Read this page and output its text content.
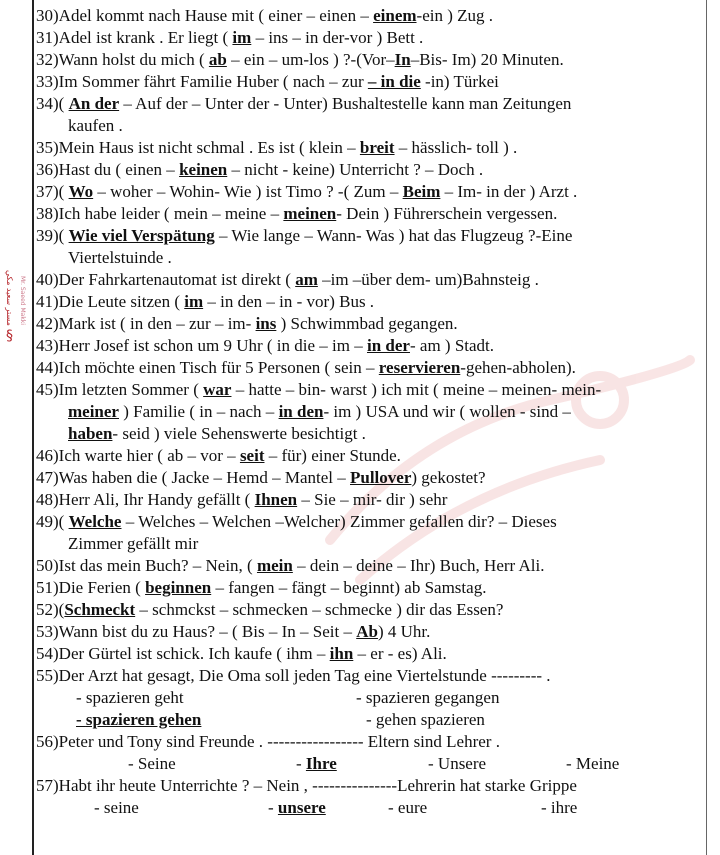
مستر سعيد مكي Mr. Saeed Makki
§
30) Adel kommt nach Hause mit ( einer – einen – einem-ein ) Zug .
31) Adel ist krank . Er liegt ( im – ins – in der-vor ) Bett .
32) Wann holst du mich ( ab – ein – um-los ) ?-(Vor–In–Bis- Im) 20 Minuten.
33) Im Sommer fährt Familie Huber ( nach – zur – in die -in) Türkei
34) ( An der – Auf der – Unter der - Unter) Bushaltestelle kann man Zeitungen
kaufen .
35) Mein Haus ist nicht schmal . Es ist ( klein – breit – hässlich- toll ) .
36) Hast du ( einen – keinen – nicht - keine) Unterricht ? – Doch .
37) ( Wo – woher – Wohin- Wie ) ist Timo ? -( Zum – Beim – Im- in der ) Arzt .
38) Ich habe leider ( mein – meine – meinen- Dein ) Führerschein vergessen.
39) ( Wie viel Verspätung – Wie lange – Wann- Was ) hat das Flugzeug ?-Eine
Viertelstuinde .
40) Der Fahrkartenautomat ist direkt ( am –im –über dem- um)Bahnsteig .
41) Die Leute sitzen ( im – in den – in - vor) Bus .
42) Mark ist ( in den – zur – im- ins ) Schwimmbad gegangen.
43) Herr Josef ist schon um 9 Uhr ( in die – im – in der- am ) Stadt.
44) Ich möchte einen Tisch für 5 Personen ( sein – reservieren-gehen-abholen).
45) Im letzten Sommer ( war – hatte – bin- warst ) ich mit ( meine – meinen- mein-
meiner ) Familie ( in – nach – in den- im ) USA und wir ( wollen - sind –
haben- seid ) viele Sehenswerte besichtigt .
46) Ich warte hier ( ab – vor – seit – für) einer Stunde.
47) Was haben die ( Jacke – Hemd – Mantel – Pullover) gekostet?
48) Herr Ali, Ihr Handy gefällt ( Ihnen – Sie – mir- dir ) sehr
49) ( Welche – Welches – Welchen –Welcher) Zimmer gefallen dir? – Dieses
Zimmer gefällt mir
50) Ist das mein Buch? – Nein, ( mein – dein – deine – Ihr) Buch, Herr Ali.
51) Die Ferien ( beginnen – fangen – fängt – beginnt) ab Samstag.
52) (Schmeckt – schmckst – schmecken – schmecke ) dir das Essen?
53) Wann bist du zu Haus? – ( Bis – In – Seit – Ab) 4 Uhr.
54) Der Gürtel ist schick. Ich kaufe ( ihm – ihn – er - es) Ali.
55) Der Arzt hat gesagt, Die Oma soll jeden Tag eine Viertelstunde --------- .
- spazieren geht	- spazieren gegangen
- spazieren gehen	- gehen spazieren
56) Peter und Tony sind Freunde . ----------------- Eltern sind Lehrer .
- Seine	- Ihre	- Unsere	- Meine
57) Habt ihr heute Unterrichte ? – Nein , ---------------Lehrerin hat starke Grippe
- seine	- unsere	- eure	- ihre
